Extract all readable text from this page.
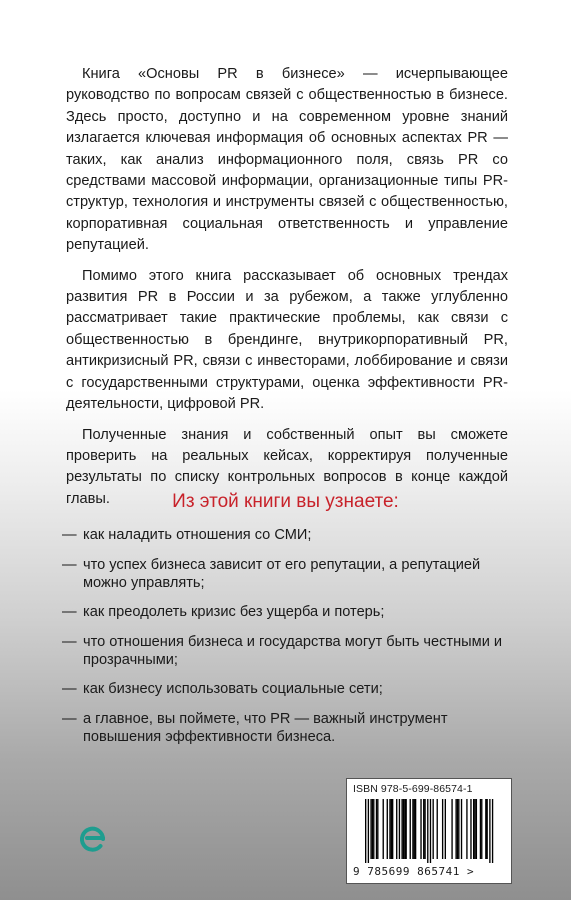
Книга «Основы PR в бизнесе» — исчерпывающее руководство по вопросам связей с общественностью в бизнесе. Здесь просто, доступно и на современном уровне знаний излагается ключевая информация об основных аспектах PR — таких, как анализ информационного поля, связь PR со средствами массовой информации, организационные типы PR-структур, технология и инструменты связей с общественностью, корпоративная социальная ответственность и управление репутацией.

Помимо этого книга рассказывает об основных трендах развития PR в России и за рубежом, а также углубленно рассматривает такие практические проблемы, как связи с общественностью в брендинге, внутрикорпоративный PR, антикризисный PR, связи с инвесторами, лоббирование и связи с государственными структурами, оценка эффективности PR-деятельности, цифровой PR.

Полученные знания и собственный опыт вы сможете проверить на реальных кейсах, корректируя полученные результаты по списку контрольных вопросов в конце каждой главы.	Из этой книги вы узнаете:
— как наладить отношения со СМИ;
— что успех бизнеса зависит от его репутации, а репутацией можно управлять;
— как преодолеть кризис без ущерба и потерь;
— что отношения бизнеса и государства могут быть честными и прозрачными;
— как бизнесу использовать социальные сети;
— а главное, вы поймете, что PR — важный инструмент повышения эффективности бизнеса.
ISBN 978-5-699-86574-1
9 785699 865741 >
